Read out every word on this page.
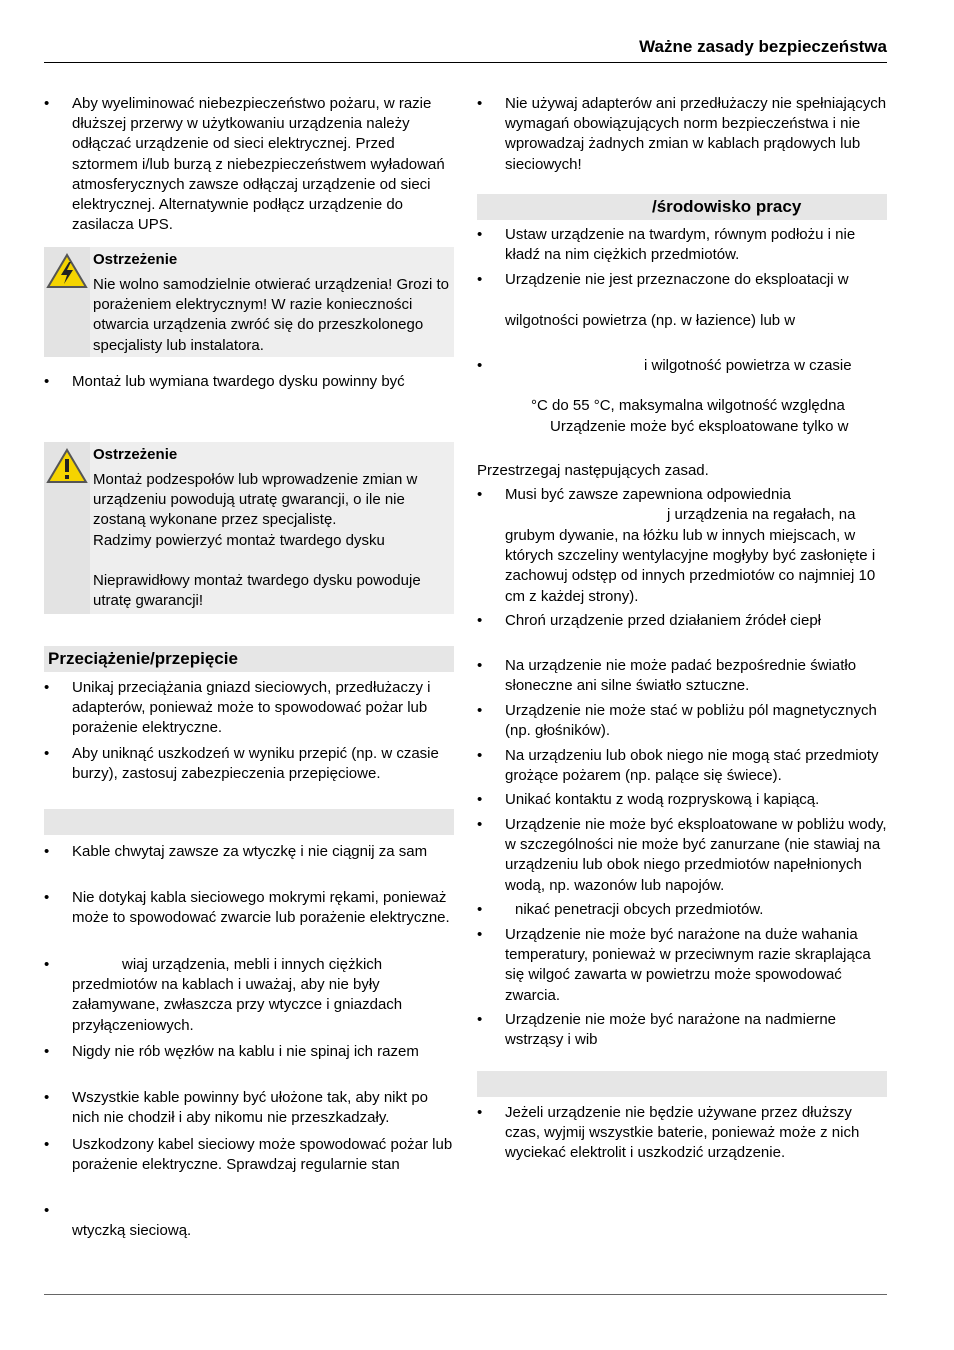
Ważne zasady bezpieczeństwa
• Aby wyeliminować niebezpieczeństwo pożaru, w razie dłuższej przerwy w użytkowaniu urządzenia należy odłączać urządzenie od sieci elektrycznej. Przed sztormem i/lub burzą z niebezpieczeństwem wyładowań atmosferycznych zawsze odłączaj urządzenie od sieci elektrycznej. Alternatywnie podłącz urządzenie do zasilacza UPS.
Ostrzeżenie
Nie wolno samodzielnie otwierać urządzenia! Grozi to porażeniem elektrycznym! W razie konieczności otwarcia urządzenia zwróć się do przeszkolonego specjalisty lub instalatora.
• Montaż lub wymiana twardego dysku powinny być
Ostrzeżenie
Montaż podzespołów lub wprowadzenie zmian w urządzeniu powodują utratę gwarancji, o ile nie zostaną wykonane przez specjalistę.
Radzimy powierzyć montaż twardego dysku
Nieprawidłowy montaż twardego dysku powoduje utratę gwarancji!
Przeciążenie/przepięcie
• Unikaj przeciążania gniazd sieciowych, przedłużaczy i adapterów, ponieważ może to spowodować pożar lub porażenie elektryczne.
• Aby uniknąć uszkodzeń w wyniku przepić (np. w czasie burzy), zastosuj zabezpieczenia przepięciowe.
• Kable chwytaj zawsze za wtyczkę i nie ciągnij za sam
• Nie dotykaj kabla sieciowego mokrymi rękami, ponieważ może to spowodować zwarcie lub porażenie elektryczne.
•	wiaj urządzenia, mebli i innych ciężkich
przedmiotów na kablach i uważaj, aby nie były załamywane, zwłaszcza przy wtyczce i gniazdach przyłączeniowych.
• Nigdy nie rób węzłów na kablu i nie spinaj ich razem
• Wszystkie kable powinny być ułożone tak, aby nikt po nich nie chodził i aby nikomu nie przeszkadzały.
• Uszkodzony kabel sieciowy może spowodować pożar lub porażenie elektryczne. Sprawdzaj regularnie stan
•
wtyczką sieciową.
• Nie używaj adapterów ani przedłużaczy nie spełniających wymagań obowiązujących norm bezpieczeństwa i nie wprowadzaj żadnych zmian w kablach prądowych lub sieciowych!
/środowisko pracy
• Ustaw urządzenie na twardym, równym podłożu i nie kładź na nim ciężkich przedmiotów.
• Urządzenie nie jest przeznaczone do eksploatacji w
wilgotności powietrza (np. w łazience) lub w
•	i wilgotność powietrza w czasie
°C do 55 °C, maksymalna wilgotność względna
Urządzenie może być eksploatowane tylko w
Przestrzegaj następujących zasad.
• Musi być zawsze zapewniona odpowiednia
j urządzenia na regałach, na
grubym dywanie, na łóżku lub w innych miejscach, w których szczeliny wentylacyjne mogłyby być zasłonięte i zachowuj odstęp od innych przedmiotów co najmniej 10 cm z każdej strony).
• Chroń urządzenie przed działaniem źródeł ciepł
• Na urządzenie nie może padać bezpośrednie światło słoneczne ani silne światło sztuczne.
• Urządzenie nie może stać w pobliżu pól magnetycznych (np. głośników).
• Na urządzeniu lub obok niego nie mogą stać przedmioty grożące pożarem (np. palące się świece).
• Unikać kontaktu z wodą rozpryskową i kapiącą.
• Urządzenie nie może być eksploatowane w pobliżu wody, w szczególności nie może być zanurzane (nie stawiaj na urządzeniu lub obok niego przedmiotów napełnionych wodą, np. wazonów lub napojów.
• nikać penetracji obcych przedmiotów.
• Urządzenie nie może być narażone na duże wahania temperatury, ponieważ w przeciwnym razie skraplająca się wilgoć zawarta w powietrzu może spowodować zwarcia.
• Urządzenie nie może być narażone na nadmierne wstrząsy i wib
• Jeżeli urządzenie nie będzie używane przez dłuższy czas, wyjmij wszystkie baterie, ponieważ może z nich wyciekać elektrolit i uszkodzić urządzenie.
